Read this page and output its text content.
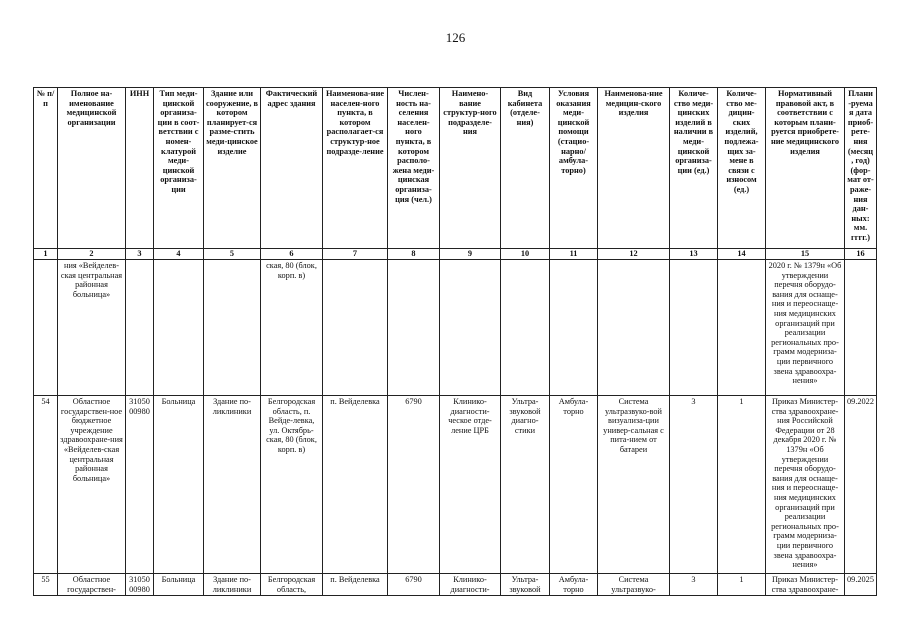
126
№ п/п	Полное на-именование медицинской организации	ИНН	Тип меди-цинской организа-ции в соот-ветствии с номен-клатурой меди-цинской организа-ции	Здание или сооружение, в котором планирует-ся разме-стить меди-цинское изделие	Фактический адрес здания	Наименова-ние населен-ного пункта, в котором располагает-ся структур-ное подразде-ление	Числен-ность на-селения населен-ного пункта, в котором располо-жена меди-цинская организа-ция (чел.)	Наимено-вание структур-ного подразделе-ния	Вид кабинета (отделе-ния)	Условия оказания меди-цинской помощи (стацио-нарно/ амбула-торно)	Наименова-ние медицин-ского изделия	Количе-ство меди-цинских изделий в наличии в меди-цинской организа-ции (ед.)	Количе-ство ме-дицин-ских изделий, подлежа-щих за-мене в связи с износом (ед.)	Нормативный правовой акт, в соответствии с которым плани-руется приобрете-ние медицинского изделия	Плани-руемая дата приоб-рете-ния (месяц, год) (фор-мат от-раже-ния дан-ных: мм. гггг.)
1	2	3	4	5	6	7	8	9	10	11	12	13	14	15	16
	ния «Вейделев-ская центральная районная больница»				ская, 80 (блок, корп. в)									2020 г. № 1379н «Об утверждении перечня оборудо-вания для оснаще-ния и переоснаще-ния медицинских организаций при реализации региональных про-грамм модерниза-ции первичного звена здравоохра-нения»	
54	Областное государствен-ное бюджетное учреждение здравоохране-ния «Вейделев-ская центральная районная больница»	3105000980	Больница	Здание по-ликлиники	Белгородская область, п. Вейде-левка, ул. Октябрь-ская, 80 (блок, корп. в)	п. Вейделевка	6790	Клинико-диагности-ческое отде-ление ЦРБ	Ультра-звуковой диагно-стики	Амбула-торно	Система ультразвуко-вой визуализа-ции универ-сальная с пита-нием от батареи	3	1	Приказ Министер-ства здравоохране-ния Российской Федерации от 28 декабря 2020 г. № 1379н «Об утверждении перечня оборудо-вания для оснаще-ния и переоснаще-ния медицинских организаций при реализации региональных про-грамм модерниза-ции первичного звена здравоохра-нения»	09.2022
55	Областное государствен-	3105000980	Больница	Здание по-ликлиники	Белгородская область,	п. Вейделевка	6790	Клинико-диагности-	Ультра-звуковой	Амбула-торно	Система ультразвуко-	3	1	Приказ Министер-ства здравоохране-	09.2025
